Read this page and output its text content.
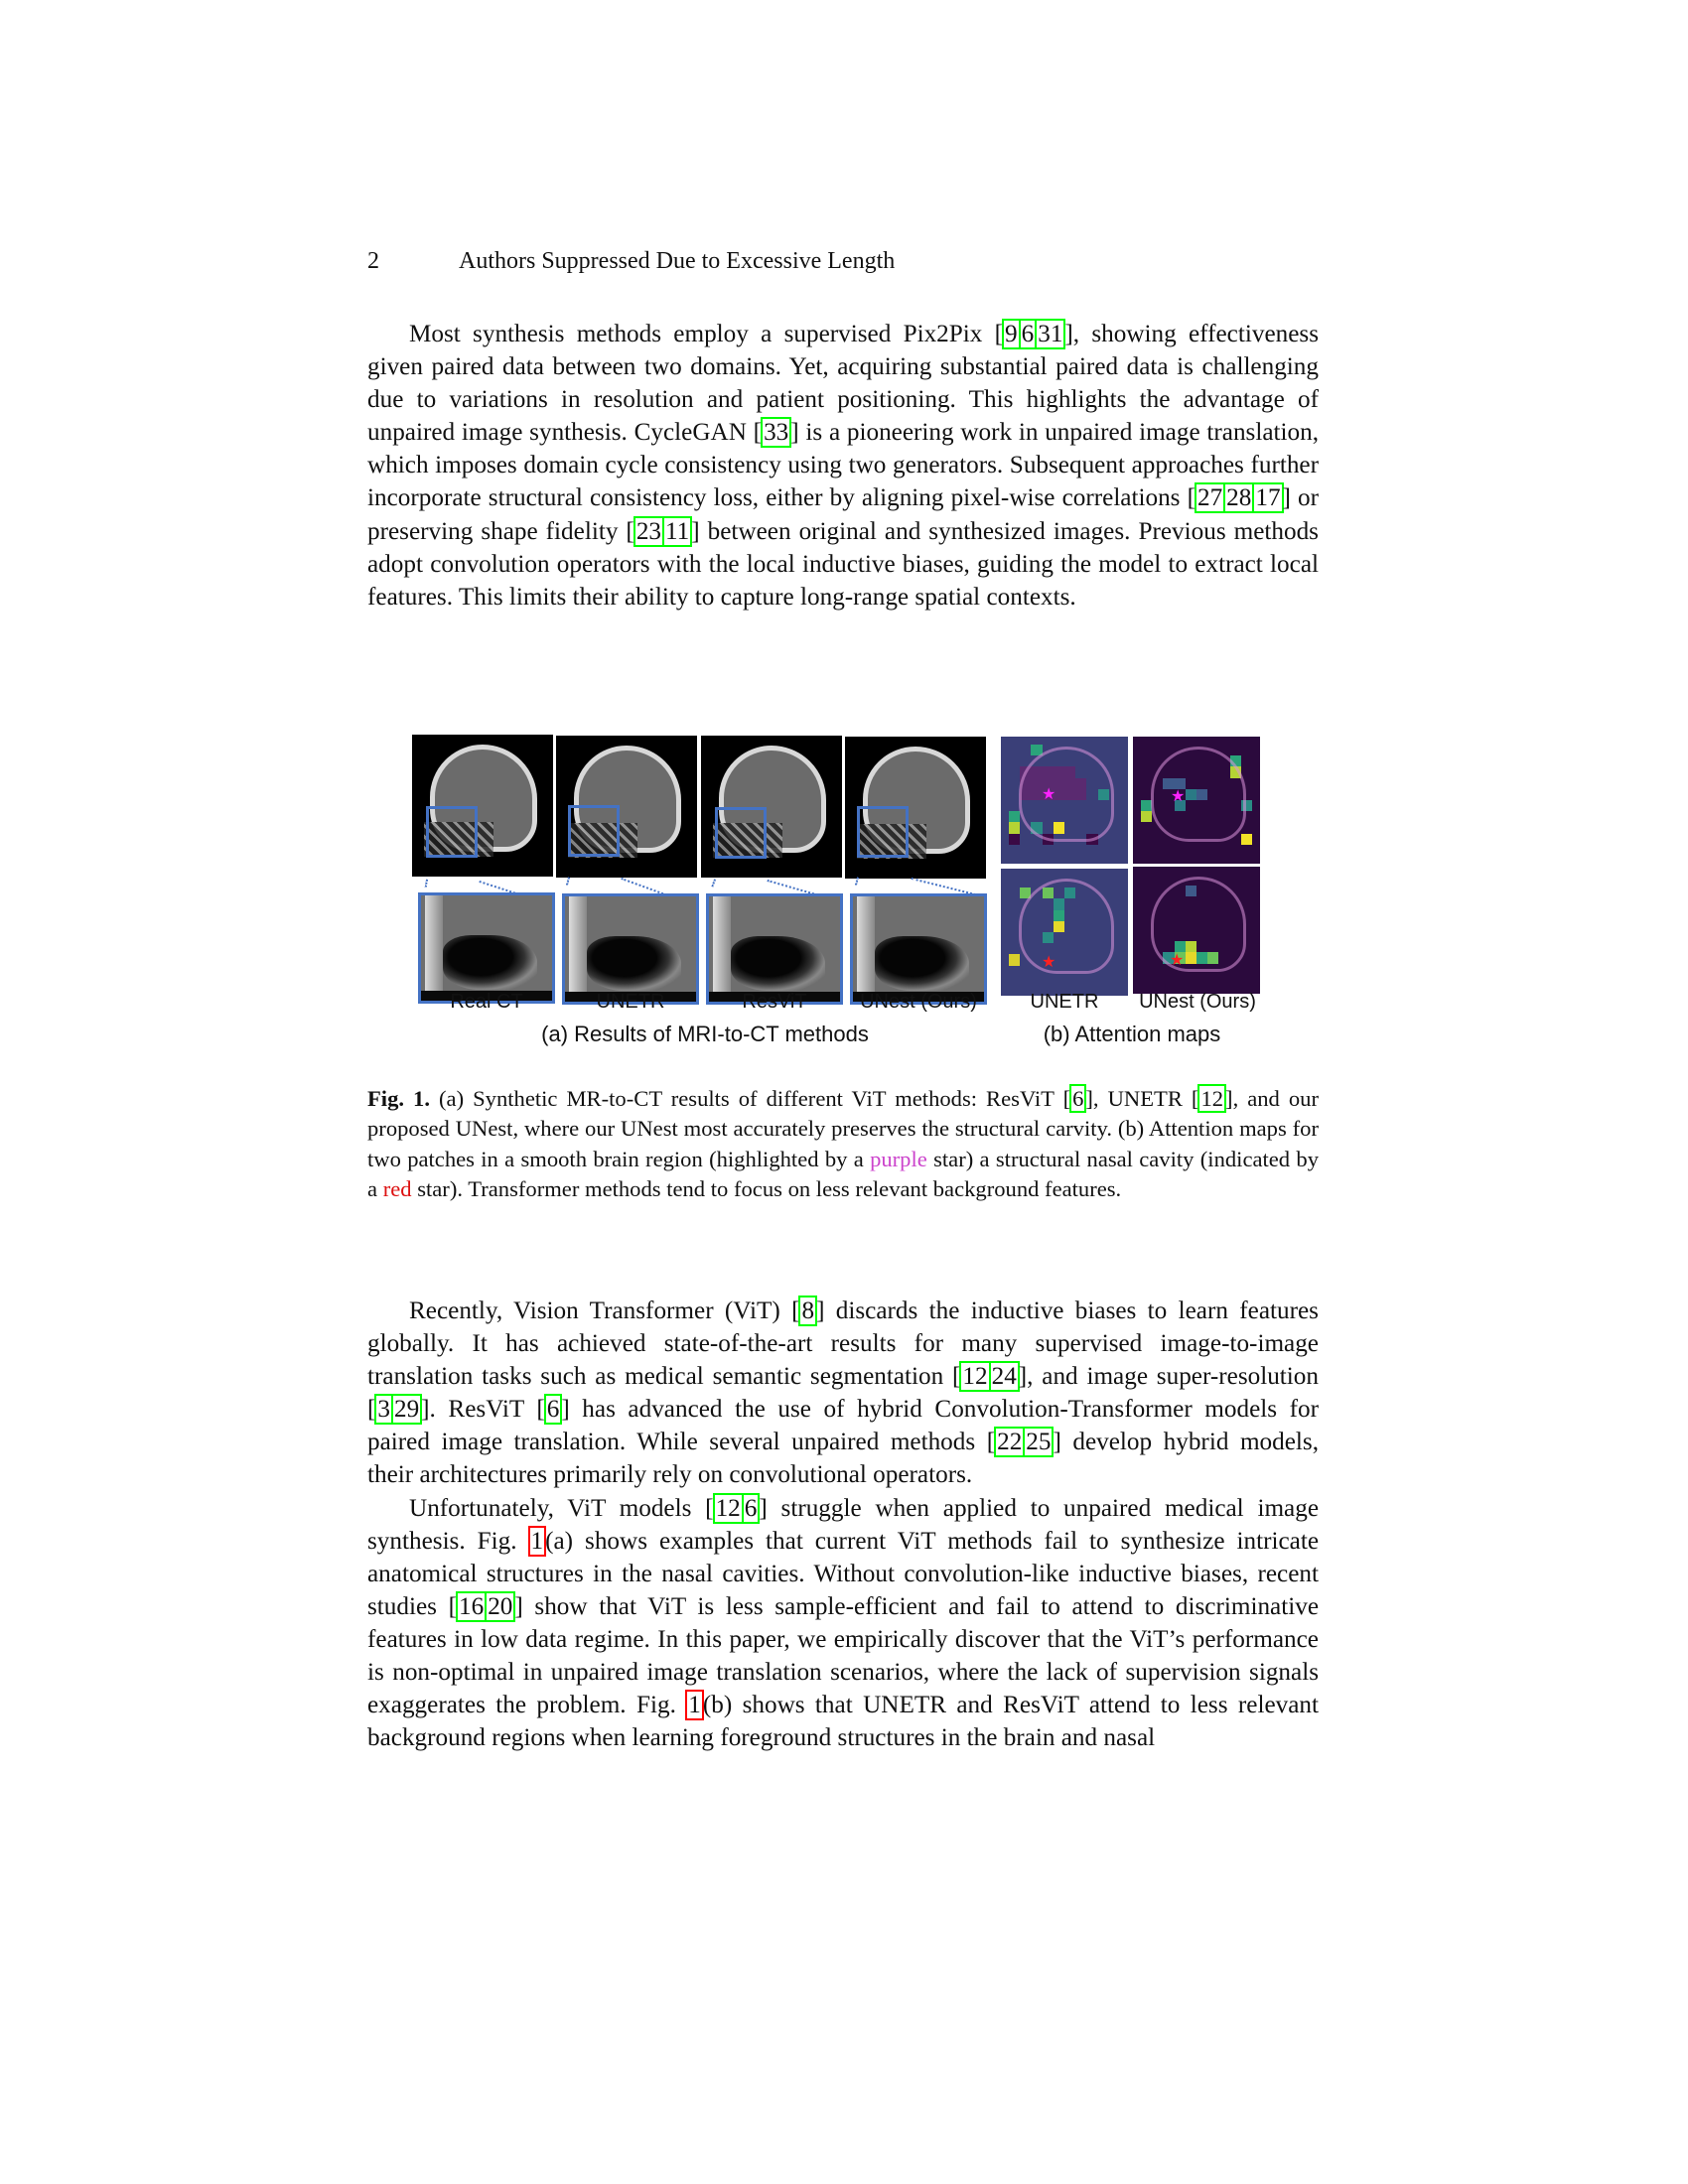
2	Authors Suppressed Due to Excessive Length

Most synthesis methods employ a supervised Pix2Pix [9 6 31], showing effectiveness given paired data between two domains. Yet, acquiring substantial paired data is challenging due to variations in resolution and patient positioning. This highlights the advantage of unpaired image synthesis. CycleGAN [33] is a pioneering work in unpaired image translation, which imposes domain cycle consistency using two generators. Subsequent approaches further incorporate structural consistency loss, either by aligning pixel-wise correlations [27 28 17] or preserving shape fidelity [23 11] between original and synthesized images. Previous methods adopt convolution operators with the local inductive biases, guiding the model to extract local features. This limits their ability to capture long-range spatial contexts.

Real CT	UNETR	ResViT	UNest (Ours)
(a) Results of MRI-to-CT methods
★	★
★	★
UNETR	UNest (Ours)
(b) Attention maps
Fig. 1. (a) Synthetic MR-to-CT results of different ViT methods: ResViT [6], UNETR [12], and our proposed UNest, where our UNest most accurately preserves the structural carvity. (b) Attention maps for two patches in a smooth brain region (highlighted by a purple star) a structural nasal cavity (indicated by a red star). Transformer methods tend to focus on less relevant background features.

Recently, Vision Transformer (ViT) [8] discards the inductive biases to learn features globally. It has achieved state-of-the-art results for many supervised image-to-image translation tasks such as medical semantic segmentation [12 24], and image super-resolution [3 29]. ResViT [6] has advanced the use of hybrid Convolution-Transformer models for paired image translation. While several unpaired methods [22 25] develop hybrid models, their architectures primarily rely on convolutional operators.

Unfortunately, ViT models [12 6] struggle when applied to unpaired medical image synthesis. Fig. 1(a) shows examples that current ViT methods fail to synthesize intricate anatomical structures in the nasal cavities. Without convolution-like inductive biases, recent studies [16 20] show that ViT is less sample-efficient and fail to attend to discriminative features in low data regime. In this paper, we empirically discover that the ViT’s performance is non-optimal in unpaired image translation scenarios, where the lack of supervision signals exaggerates the problem. Fig. 1(b) shows that UNETR and ResViT attend to less relevant background regions when learning foreground structures in the brain and nasal
